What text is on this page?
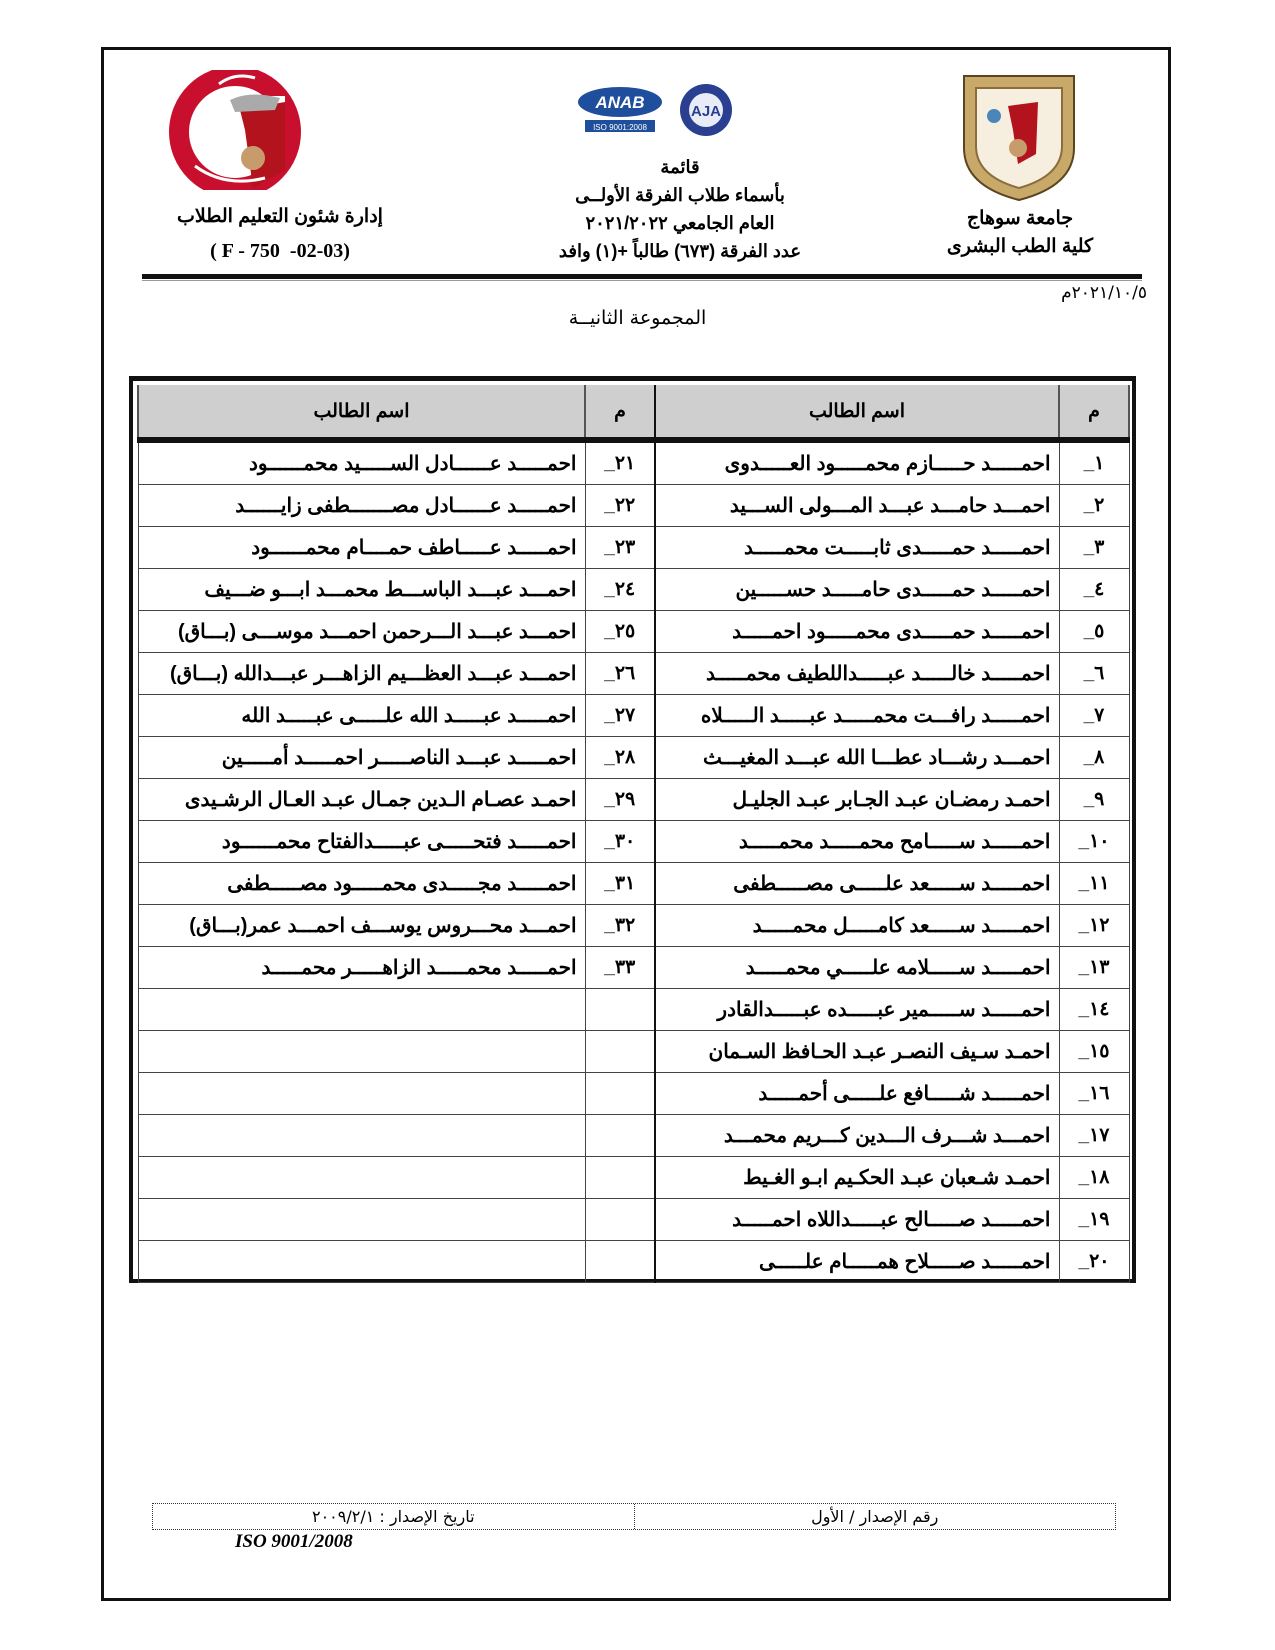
ANAB
ISO 9001:2008
AJA
إدارة شئون التعليم الطلاب
( F - 750  -02-03)
قائمة
بأسماء طلاب الفرقة الأولــى
العام الجامعي ٢٠٢١/٢٠٢٢
عدد الفرقة (٦٧٣) طالباً +(١) وافد
جامعة سوهاج
كلية الطب البشرى
٢٠٢١/١٠/٥م
المجموعة الثانيــة
م	اسم الطالب	م	اسم الطالب
١_	احمـــــد حـــــازم محمـــــود العـــــدوى	٢١_	احمـــــد عــــــادل الســـــيد محمــــــود
٢_	احمـــد حامـــد عبـــد المـــولى الســـيد	٢٢_	احمـــــد عــــــادل مصـــــــطفى زايــــــد
٣_	احمـــــد حمـــــدى ثابـــــت محمـــــد	٢٣_	احمـــــد عـــــاطف حمــــام محمــــــود
٤_	احمـــــد حمـــــدى حامـــــد حســـــين	٢٤_	احمـــد عبـــد الباســـط محمـــد ابـــو ضـــيف
٥_	احمـــــد حمـــــدى محمـــــود احمـــــد	٢٥_	احمـــد عبـــد الـــرحمن احمـــد موســـى (بـــاق)
٦_	احمـــــد خالـــــد عبـــــداللطيف محمـــــد	٢٦_	احمـــد عبـــد العظـــيم الزاهـــر عبـــدالله (بـــاق)
٧_	احمـــــد رافـــت محمـــــد عبـــــد الـــــلاه	٢٧_	احمـــــد عبـــــد الله علـــــى عبـــــد الله
٨_	احمـــد رشـــاد عطـــا الله عبـــد المغيـــث	٢٨_	احمـــــد عبـــد الناصـــــر احمـــــد أمـــــين
٩_	احمـد رمضـان عبـد الجـابر عبـد الجليـل	٢٩_	احمـد عصـام الـدين جمـال عبـد العـال الرشـيدى
١٠_	احمـــــد ســـــامح محمـــــد محمـــــد	٣٠_	احمـــــد فتحـــــى عبـــــدالفتاح محمــــــود
١١_	احمـــــد ســـــعد علـــــى مصـــــطفى	٣١_	احمـــــد مجـــــدى محمـــــود مصـــــطفى
١٢_	احمـــــد ســـــعد كامـــــل محمـــــد	٣٢_	احمـــد محـــروس يوســـف احمـــد عمر(بـــاق)
١٣_	احمـــــد ســـــلامه علـــــي محمـــــد	٣٣_	احمـــــد محمـــــد الزاهـــــر محمـــــد
١٤_	احمـــــد ســـــمير عبـــــده عبـــــدالقادر		
١٥_	احمـد سـيف النصـر عبـد الحـافظ السـمان		
١٦_	احمـــــد شـــــافع علـــــى أحمـــــد		
١٧_	احمـــد شـــرف الـــدين كـــريم محمـــد		
١٨_	احمـد شـعبان عبـد الحكـيم ابـو الغـيط		
١٩_	احمـــــد صـــــالح عبـــــداللاه احمـــــد		
٢٠_	احمـــــد صـــــلاح همـــــام علـــــى		
رقم الإصدار / الأول
تاريخ الإصدار : ٢٠٠٩/٢/١
ISO 9001/2008
